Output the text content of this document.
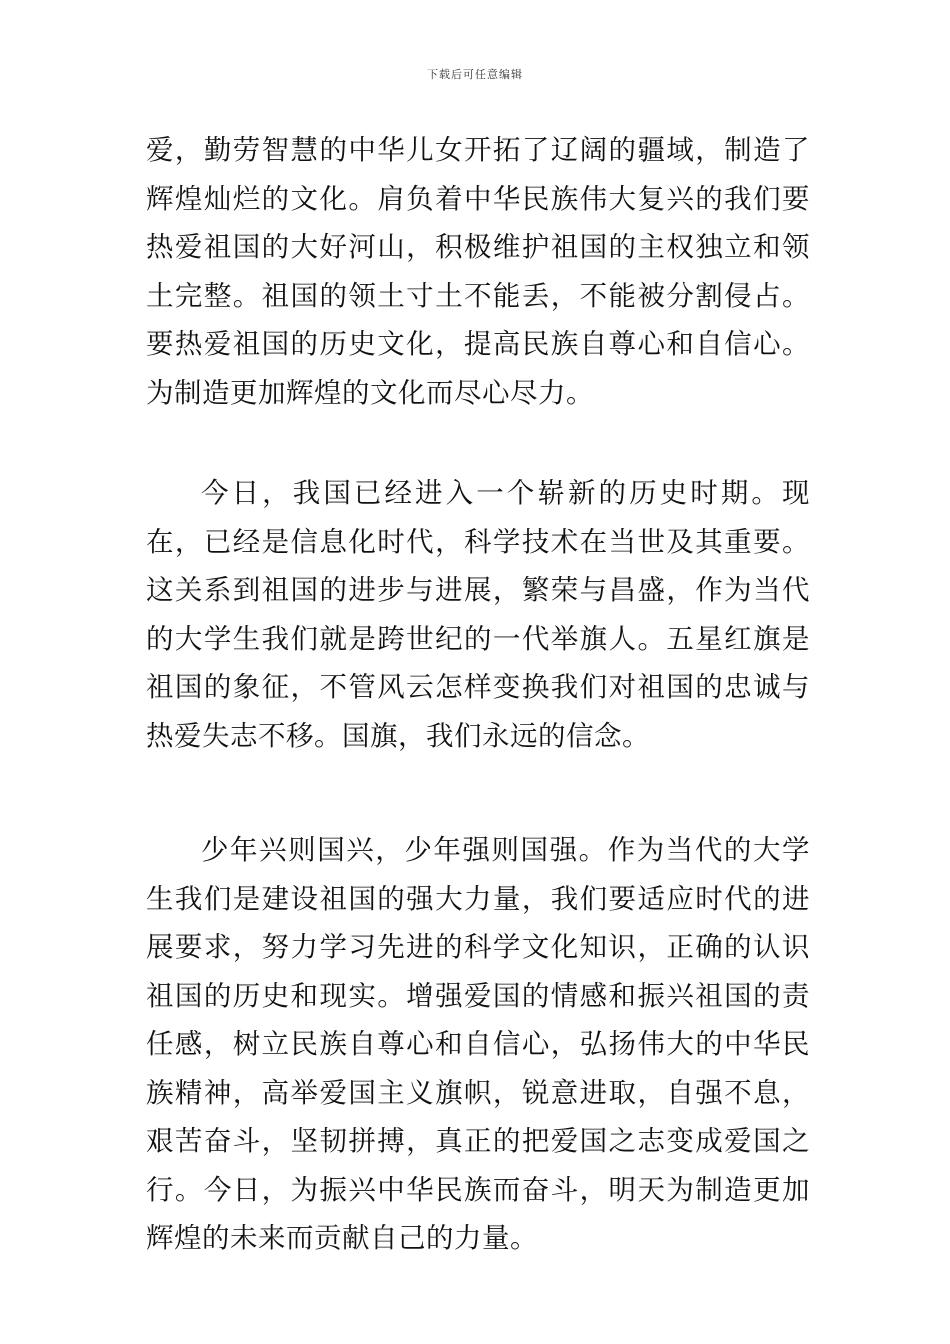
下载后可任意编辑

爱，勤劳智慧的中华儿女开拓了辽阔的疆域，制造了辉煌灿烂的文化。肩负着中华民族伟大复兴的我们要热爱祖国的大好河山，积极维护祖国的主权独立和领土完整。祖国的领土寸土不能丢，不能被分割侵占。要热爱祖国的历史文化，提高民族自尊心和自信心。为制造更加辉煌的文化而尽心尽力。

今日，我国已经进入一个崭新的历史时期。现在，已经是信息化时代，科学技术在当世及其重要。这关系到祖国的进步与进展，繁荣与昌盛，作为当代的大学生我们就是跨世纪的一代举旗人。五星红旗是祖国的象征，不管风云怎样变换我们对祖国的忠诚与热爱失志不移。国旗，我们永远的信念。

少年兴则国兴，少年强则国强。作为当代的大学生我们是建设祖国的强大力量，我们要适应时代的进展要求，努力学习先进的科学文化知识，正确的认识祖国的历史和现实。增强爱国的情感和振兴祖国的责任感，树立民族自尊心和自信心，弘扬伟大的中华民族精神，高举爱国主义旗帜，锐意进取，自强不息，艰苦奋斗，坚韧拼搏，真正的把爱国之志变成爱国之行。今日，为振兴中华民族而奋斗，明天为制造更加辉煌的未来而贡献自己的力量。
